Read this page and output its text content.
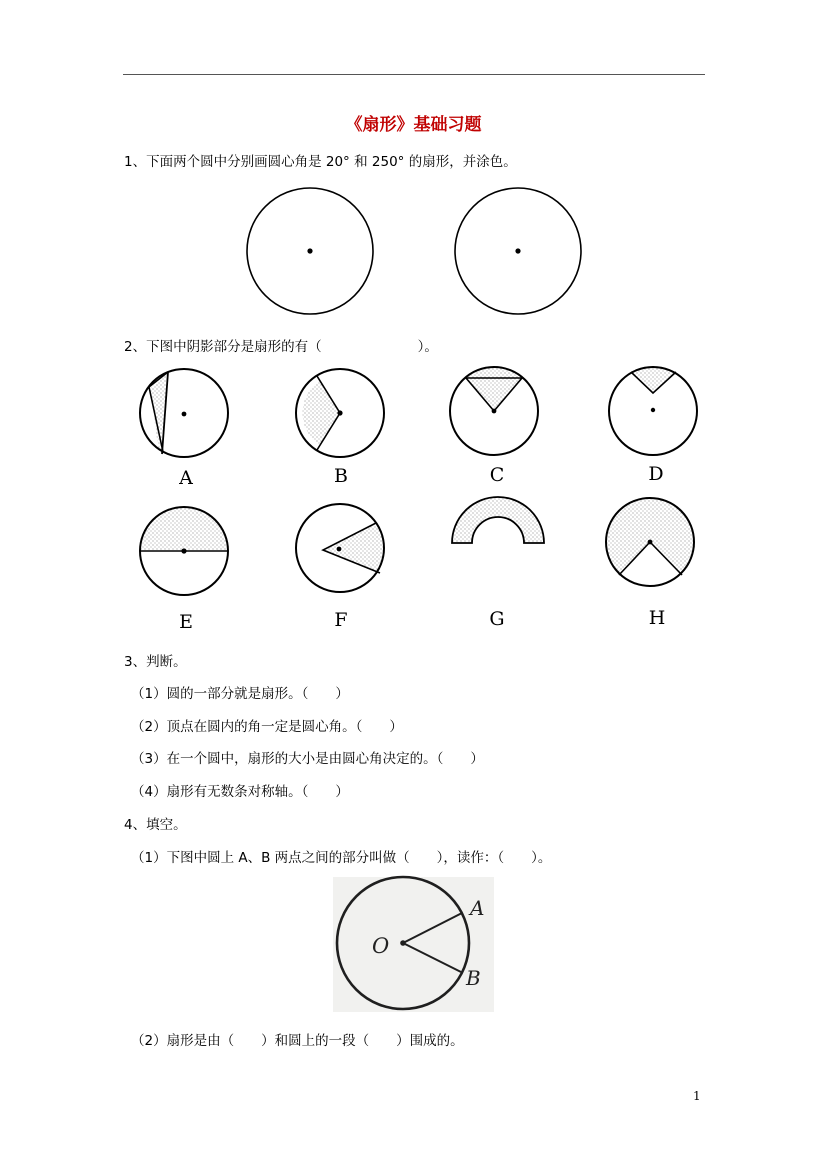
《扇形》基础习题
1、下面两个圆中分别画圆心角是 20° 和 250° 的扇形，并涂色。
2、下图中阴影部分是扇形的有（	）。
3、判断。
（1）圆的一部分就是扇形。（　　）
（2）顶点在圆内的角一定是圆心角。（　　）
（3）在一个圆中，扇形的大小是由圆心角决定的。（　　）
（4）扇形有无数条对称轴。（　　）
4、填空。
（1）下图中圆上 A、B 两点之间的部分叫做（　　），读作：（　　）。
（2）扇形是由（　　）和圆上的一段（　　）围成的。
A	B	C	D
E	F	G	H
O
A
B
1
